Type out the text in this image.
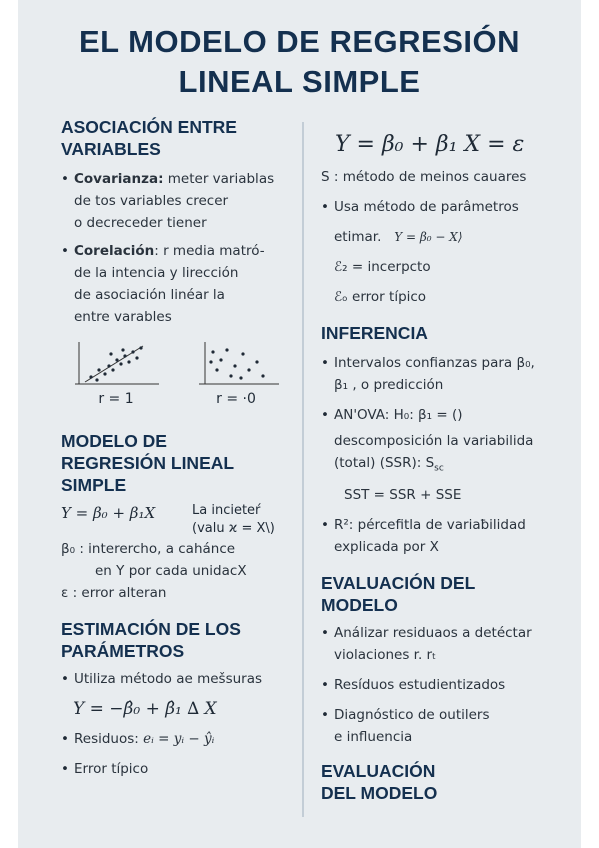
EL MODELO DE REGRESIÓN
LINEAL SIMPLE
ASOCIACIÓN ENTRE
VARIABLES
• Covarianza: meter variablas
de tos variables crecer
o decreceder tiener
• Corelación: r media matró-
de la intencia y lirección
de asociación linéar la
entre varables
r = 1	r = ·0
MODELO DE
REGRESIÓN LINEAL
SIMPLE
Y = β₀ + β₁X	La incieteŕ
(valu ϰ = X\)

β₀ : interercho, a cahánce

en Y por cada unidacX

ε : error alteran

ESTIMACIÓN DE LOS
PARÁMETROS
• Utiliza método ae mešsuras
Y = −β̂₀ + β̂₁ ∆ X
• Residuos: eᵢ = yᵢ − ŷᵢ
• Error típico
Y = β₀ + β₁ X = ε

S : método de meinos cauares

• Usa método de parâmetros
etimar. Y = β₀ − X⟩

ℰ₂ = incerpcto

ℰₒ error típico

INFERENCIA
• Intervalos confianzas para β₀,
β₁ , o predicción
• AN'OVA: H₀: β₁ = ()
descomposición la variabilida
(total) (SSR): $S_{sc}$
SST = SSR + SSE
• R²: pércefitla de variaƀilidad
explicada por X
EVALUACIÓN DEL
MODELO
• Análizar residuaos a detéctar
violaciones r. rₜ
• Resíduos estudientizados
• Diagnóstico de outilers
e influencia
EVALUACIÓN
DEL MODELO
